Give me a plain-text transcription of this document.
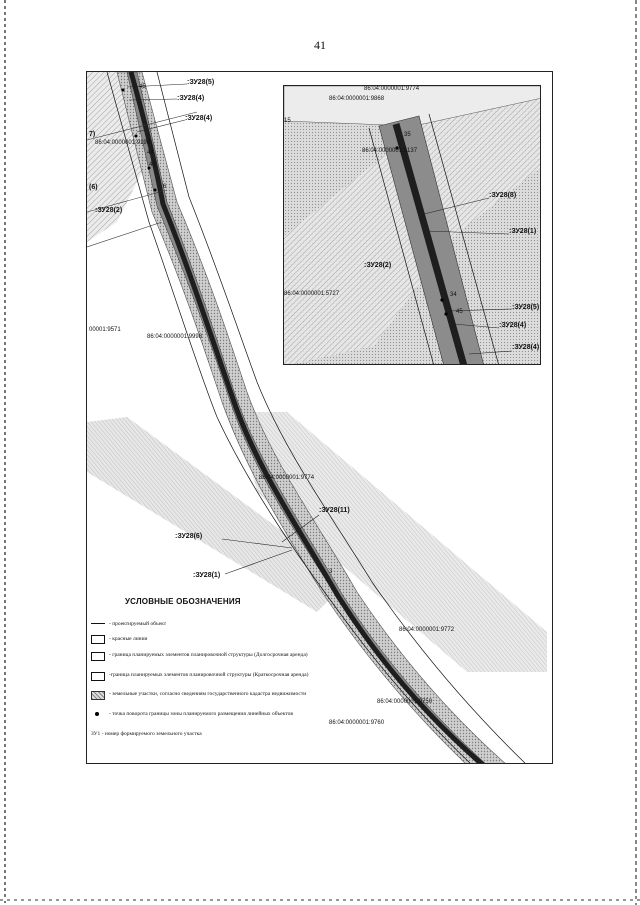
41
:ЗУ28(5)
45
:ЗУ28(4)
:ЗУ28(4)
7)
86:04:0000001:9198
44
43
(6)	6
:ЗУ28(2)
00001:9571
86:04:0000001:9998
86:04:0000001:9774
:ЗУ28(11)
:ЗУ28(6)
:ЗУ28(1)	3
86:04:0000001:9772
86:04:0000001:9750
86:04:0000001:9760
86:04:0000001:9774
86:04:0000001:9868
15
35
86:04:0000001:5137
:ЗУ28(8)
:ЗУ28(1)
:ЗУ28(2)
86:04:0000001:5727	34
45
:ЗУ28(5)
:ЗУ28(4)
:ЗУ28(4)
УСЛОВНЫЕ ОБОЗНАЧЕНИЯ
- проектируемый объект
- красные линии
- граница планируемых элементов планировочной структуры (Долгосрочная аренда)
-граница планируемых элементов планировочной структуры (Краткосрочная аренда)
- земельные участки, согласно сведениям государственного кадастра недвижимости
- точка поворота границы зоны планируемого размещения линейных объектов
ЗУ1 - номер формируемого земельного участка
